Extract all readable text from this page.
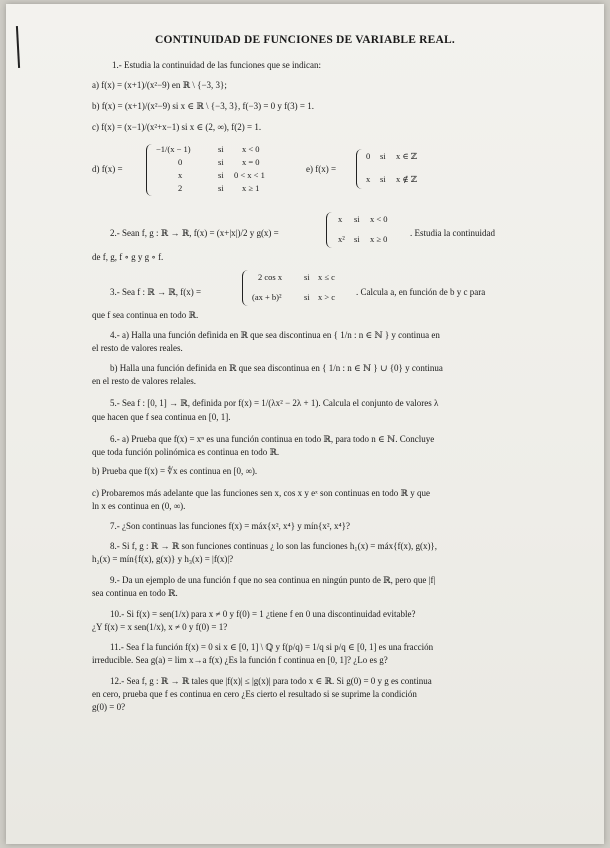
CONTINUIDAD DE FUNCIONES DE VARIABLE REAL.
1.- Estudia la continuidad de las funciones que se indican:
a) f(x) = (x+1)/(x²−9) en ℝ \ {−3, 3};
b) f(x) = (x+1)/(x²−9) si x ∈ ℝ \ {−3, 3}, f(−3) = 0 y f(3) = 1.
c) f(x) = (x−1)/(x²+x−1) si x ∈ (2, ∞), f(2) = 1.
d) f(x) =
−1/(x − 1)	si x < 0
0	si x = 0
x	si 0 < x < 1
2	si x ≥ 1
e) f(x) =
0 si x ∈ ℤ
x si x ∉ ℤ
2.- Sean f, g : ℝ → ℝ, f(x) = (x+|x|)/2 y g(x) =
x si x < 0
x² si x ≥ 0
. Estudia la continuidad
de f, g, f ∘ g y g ∘ f.
3.- Sea f : ℝ → ℝ, f(x) =
2 cos x	si x ≤ c
(ax + b)²	si x > c . Calcula a, en función de b y c para
que f sea continua en todo ℝ.
4.- a) Halla una función definida en ℝ que sea discontinua en { 1/n : n ∈ ℕ } y continua en
el resto de valores reales.
b) Halla una función definida en ℝ que sea discontinua en { 1/n : n ∈ ℕ } ∪ {0} y continua
en el resto de valores relales.
5.- Sea f : [0, 1] → ℝ, definida por f(x) = 1/(λx² − 2λ + 1). Calcula el conjunto de valores λ
que hacen que f sea continua en [0, 1].
6.- a) Prueba que f(x) = xⁿ es una función continua en todo ℝ, para todo n ∈ ℕ. Concluye
que toda función polinómica es continua en todo ℝ.
b) Prueba que f(x) = ∜x es continua en [0, ∞).
c) Probaremos más adelante que las funciones sen x, cos x y eˣ son continuas en todo ℝ y que
ln x es continua en (0, ∞).
7.- ¿Son continuas las funciones f(x) = máx{x², x⁴} y mín{x², x⁴}?
8.- Si f, g : ℝ → ℝ son funciones continuas ¿ lo son las funciones h₁(x) = máx{f(x), g(x)},
h₂(x) = mín{f(x), g(x)} y h₃(x) = |f(x)|?
9.- Da un ejemplo de una función f que no sea continua en ningún punto de ℝ, pero que |f|
sea continua en todo ℝ.
10.- Si f(x) = sen(1/x) para x ≠ 0 y f(0) = 1 ¿tiene f en 0 una discontinuidad evitable?
¿Y f(x) = x sen(1/x), x ≠ 0 y f(0) = 1?
11.- Sea f la función f(x) = 0 si x ∈ [0, 1] \ ℚ y f(p/q) = 1/q si p/q ∈ [0, 1] es una fracción
irreducible. Sea g(a) = lim x→a f(x) ¿Es la función f continua en [0, 1]? ¿Lo es g?
12.- Sea f, g : ℝ → ℝ tales que |f(x)| ≤ |g(x)| para todo x ∈ ℝ. Si g(0) = 0 y g es continua
en cero, prueba que f es continua en cero ¿Es cierto el resultado si se suprime la condición
g(0) = 0?
